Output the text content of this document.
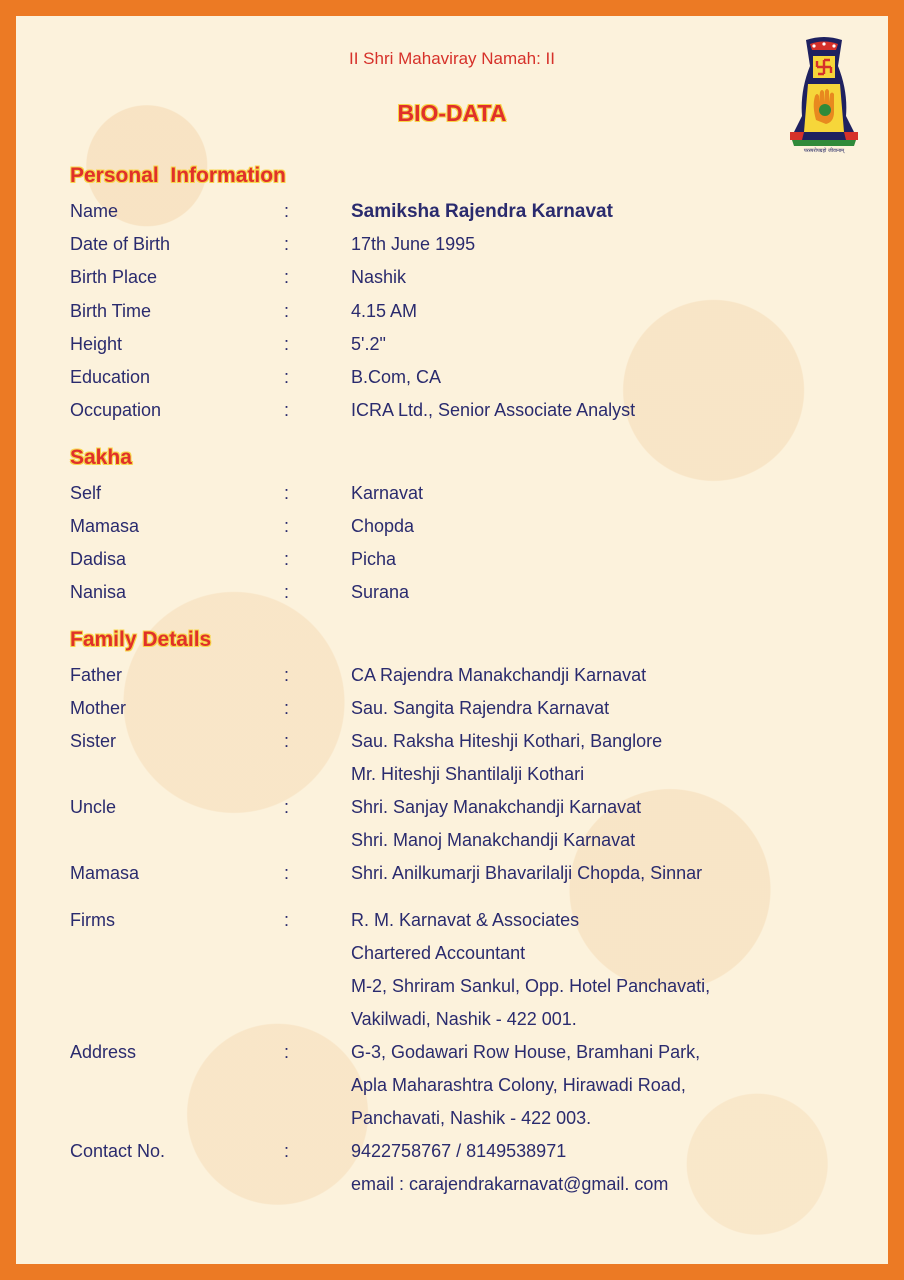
II Shri Mahaviray Namah: II
BIO-DATA
परस्परोपग्रहो जीवानाम्
Personal  Information
Name	:	Samiksha Rajendra Karnavat
Date of Birth	:	17th June 1995
Birth Place	:	Nashik
Birth Time	:	4.15 AM
Height	:	5'.2"
Education	:	B.Com, CA
Occupation	:	ICRA Ltd., Senior Associate Analyst
Sakha
Self	:	Karnavat
Mamasa	:	Chopda
Dadisa	:	Picha
Nanisa	:	Surana
Family Details
Father	:	CA Rajendra Manakchandji Karnavat
Mother	:	Sau. Sangita Rajendra Karnavat
Sister	:	Sau. Raksha Hiteshji Kothari, Banglore
Mr. Hiteshji Shantilalji Kothari
Uncle	:	Shri. Sanjay Manakchandji Karnavat
Shri. Manoj Manakchandji Karnavat
Mamasa	:	Shri. Anilkumarji Bhavarilalji Chopda, Sinnar
Firms	:	R. M. Karnavat & Associates
Chartered Accountant
M-2, Shriram Sankul, Opp. Hotel Panchavati,
Vakilwadi, Nashik - 422 001.
Address	:	G-3, Godawari Row House, Bramhani Park,
Apla Maharashtra Colony, Hirawadi Road,
Panchavati, Nashik - 422 003.
Contact No.	:	9422758767 / 8149538971
email : carajendrakarnavat@gmail. com
